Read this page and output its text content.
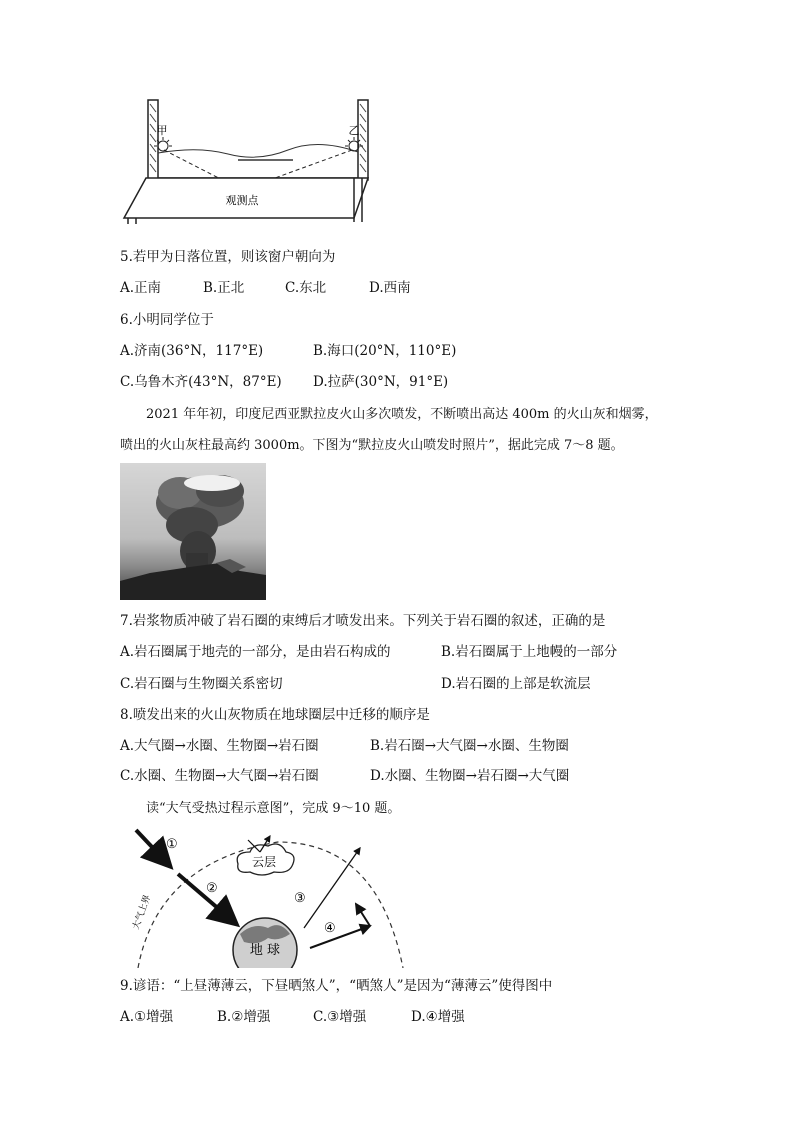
甲	乙
观测点
5.若甲为日落位置，则该窗户朝向为
A.正南	B.正北	C.东北	D.西南
6.小明同学位于
A.济南(36°N，117°E)	B.海口(20°N，110°E)
C.乌鲁木齐(43°N，87°E) D.拉萨(30°N，91°E)
2021 年年初，印度尼西亚默拉皮火山多次喷发，不断喷出高达 400m 的火山灰和烟雾，
喷出的火山灰柱最高约 3000m。下图为“默拉皮火山喷发时照片”，据此完成 7～8 题。
7.岩浆物质冲破了岩石圈的束缚后才喷发出来。下列关于岩石圈的叙述，正确的是
A.岩石圈属于地壳的一部分，是由岩石构成的	B.岩石圈属于上地幔的一部分
C.岩石圈与生物圈关系密切	D.岩石圈的上部是软流层
8.喷发出来的火山灰物质在地球圈层中迁移的顺序是
A.大气圈→水圈、生物圈→岩石圈	B.岩石圈→大气圈→水圈、生物圈
C.水圈、生物圈→大气圈→岩石圈	D.水圈、生物圈→岩石圈→大气圈
读“大气受热过程示意图”，完成 9～10 题。
大气上界
地 球
云层
①
②
③
④
9.谚语：“上昼薄薄云，下昼晒煞人”，“晒煞人”是因为“薄薄云”使得图中
A.①增强	B.②增强	C.③增强	D.④增强
